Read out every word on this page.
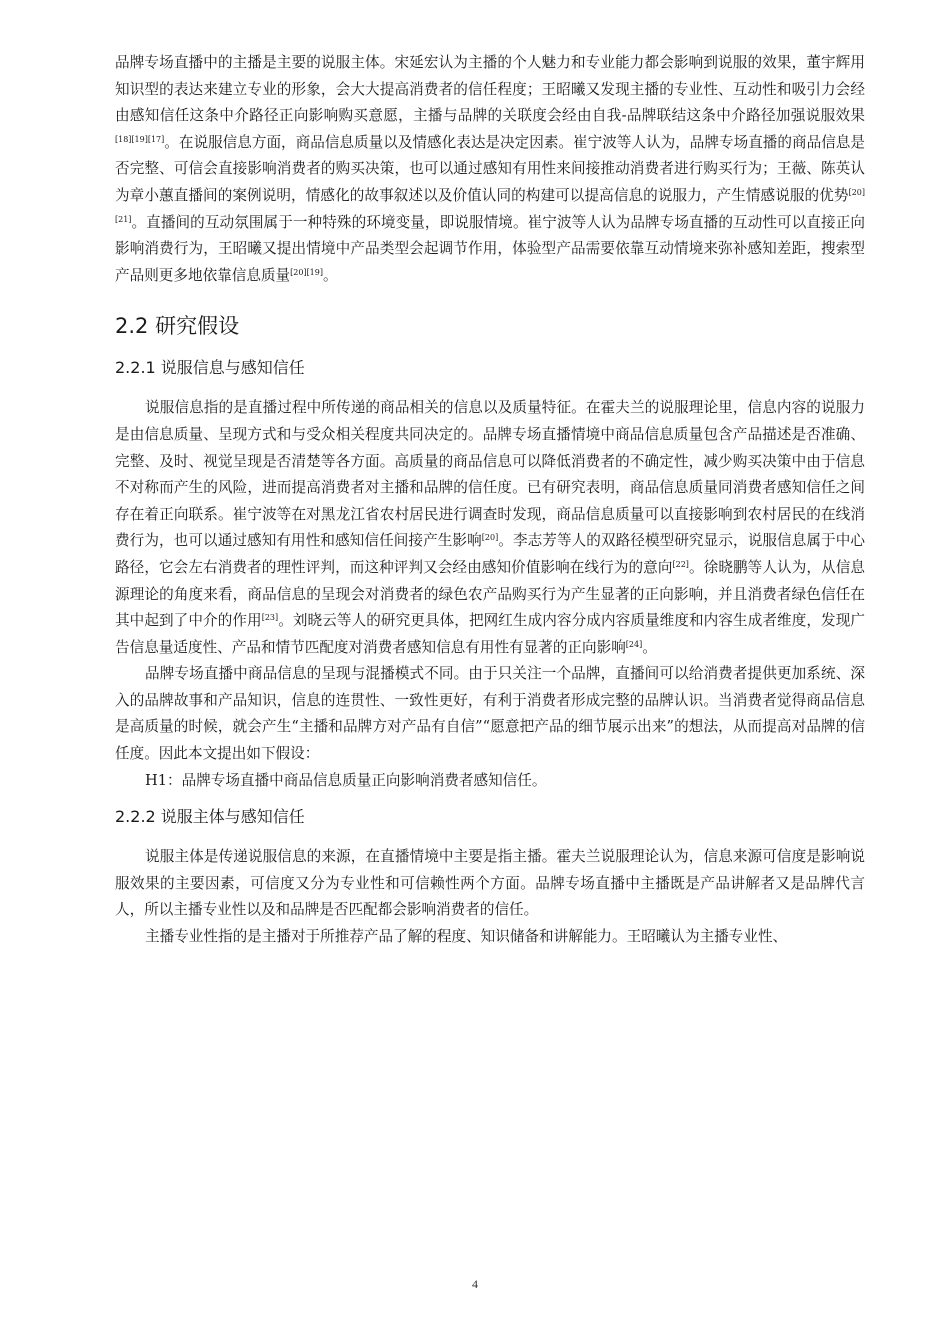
品牌专场直播中的主播是主要的说服主体。宋延宏认为主播的个人魅力和专业能力都会影响到说服的效果，董宇辉用知识型的表达来建立专业的形象，会大大提高消费者的信任程度；王昭曦又发现主播的专业性、互动性和吸引力会经由感知信任这条中介路径正向影响购买意愿，主播与品牌的关联度会经由自我-品牌联结这条中介路径加强说服效果[18][19][17]。在说服信息方面，商品信息质量以及情感化表达是决定因素。崔宁波等人认为，品牌专场直播的商品信息是否完整、可信会直接影响消费者的购买决策，也可以通过感知有用性来间接推动消费者进行购买行为；王薇、陈英认为章小蕙直播间的案例说明，情感化的故事叙述以及价值认同的构建可以提高信息的说服力，产生情感说服的优势[20][21]。直播间的互动氛围属于一种特殊的环境变量，即说服情境。崔宁波等人认为品牌专场直播的互动性可以直接正向影响消费行为，王昭曦又提出情境中产品类型会起调节作用，体验型产品需要依靠互动情境来弥补感知差距，搜索型产品则更多地依靠信息质量[20][19]。

2.2 研究假设
2.2.1 说服信息与感知信任

说服信息指的是直播过程中所传递的商品相关的信息以及质量特征。在霍夫兰的说服理论里，信息内容的说服力是由信息质量、呈现方式和与受众相关程度共同决定的。品牌专场直播情境中商品信息质量包含产品描述是否准确、完整、及时、视觉呈现是否清楚等各方面。高质量的商品信息可以降低消费者的不确定性，减少购买决策中由于信息不对称而产生的风险，进而提高消费者对主播和品牌的信任度。已有研究表明，商品信息质量同消费者感知信任之间存在着正向联系。崔宁波等在对黑龙江省农村居民进行调查时发现，商品信息质量可以直接影响到农村居民的在线消费行为，也可以通过感知有用性和感知信任间接产生影响[20]。李志芳等人的双路径模型研究显示，说服信息属于中心路径，它会左右消费者的理性评判，而这种评判又会经由感知价值影响在线行为的意向[22]。徐晓鹏等人认为，从信息源理论的角度来看，商品信息的呈现会对消费者的绿色农产品购买行为产生显著的正向影响，并且消费者绿色信任在其中起到了中介的作用[23]。刘晓云等人的研究更具体，把网红生成内容分成内容质量维度和内容生成者维度，发现广告信息量适度性、产品和情节匹配度对消费者感知信息有用性有显著的正向影响[24]。

品牌专场直播中商品信息的呈现与混播模式不同。由于只关注一个品牌，直播间可以给消费者提供更加系统、深入的品牌故事和产品知识，信息的连贯性、一致性更好，有利于消费者形成完整的品牌认识。当消费者觉得商品信息是高质量的时候，就会产生“主播和品牌方对产品有自信”“愿意把产品的细节展示出来”的想法，从而提高对品牌的信任度。因此本文提出如下假设：

H1：品牌专场直播中商品信息质量正向影响消费者感知信任。

2.2.2 说服主体与感知信任

说服主体是传递说服信息的来源，在直播情境中主要是指主播。霍夫兰说服理论认为，信息来源可信度是影响说服效果的主要因素，可信度又分为专业性和可信赖性两个方面。品牌专场直播中主播既是产品讲解者又是品牌代言人，所以主播专业性以及和品牌是否匹配都会影响消费者的信任。

主播专业性指的是主播对于所推荐产品了解的程度、知识储备和讲解能力。王昭曦认为主播专业性、

4
